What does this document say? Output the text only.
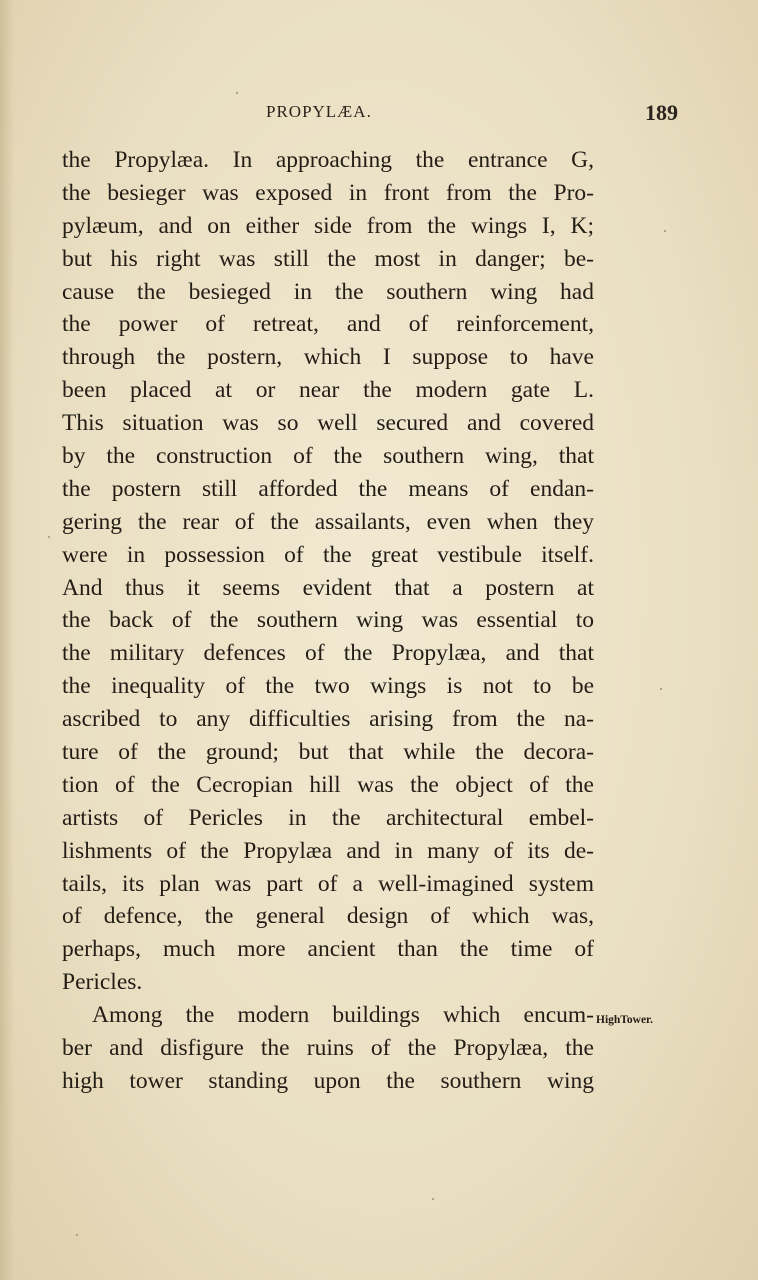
PROPYLÆA.	189
the Propylæa. In approaching the entrance G,
the besieger was exposed in front from the Pro-
pylæum, and on either side from the wings I, K;
but his right was still the most in danger; be-
cause the besieged in the southern wing had
the power of retreat, and of reinforcement,
through the postern, which I suppose to have
been placed at or near the modern gate L.
This situation was so well secured and covered
by the construction of the southern wing, that
the postern still afforded the means of endan-
gering the rear of the assailants, even when they
were in possession of the great vestibule itself.
And thus it seems evident that a postern at
the back of the southern wing was essential to
the military defences of the Propylæa, and that
the inequality of the two wings is not to be
ascribed to any difficulties arising from the na-
ture of the ground; but that while the decora-
tion of the Cecropian hill was the object of the
artists of Pericles in the architectural embel-
lishments of the Propylæa and in many of its de-
tails, its plan was part of a well-imagined system
of defence, the general design of which was,
perhaps, much more ancient than the time of
Pericles.
Among the modern buildings which encum-
ber and disfigure the ruins of the Propylæa, the
high tower standing upon the southern wing
HighTower.
